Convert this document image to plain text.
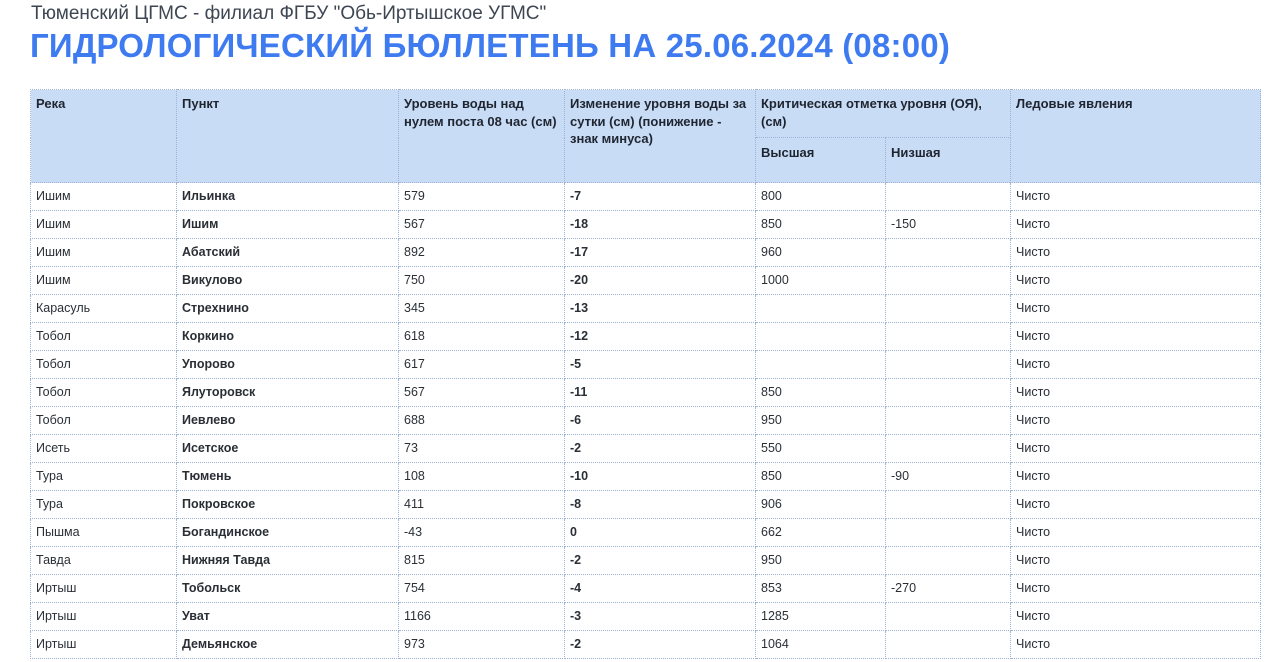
Тюменский ЦГМС - филиал ФГБУ "Обь-Иртышское УГМС"
ГИДРОЛОГИЧЕСКИЙ БЮЛЛЕТЕНЬ НА 25.06.2024 (08:00)
Река	Пункт	Уровень воды над нулем поста 08 час (см)	Изменение уровня воды за сутки (см) (понижение - знак минуса)	Критическая отметка уровня (ОЯ), (см)		Ледовые явления
				Высшая	Низшая	
Ишим	Ильинка	579	-7	800		Чисто
Ишим	Ишим	567	-18	850	-150	Чисто
Ишим	Абатский	892	-17	960		Чисто
Ишим	Викулово	750	-20	1000		Чисто
Карасуль	Стрехнино	345	-13			Чисто
Тобол	Коркино	618	-12			Чисто
Тобол	Упорово	617	-5			Чисто
Тобол	Ялуторовск	567	-11	850		Чисто
Тобол	Иевлево	688	-6	950		Чисто
Исеть	Исетское	73	-2	550		Чисто
Тура	Тюмень	108	-10	850	-90	Чисто
Тура	Покровское	411	-8	906		Чисто
Пышма	Богандинское	-43	0	662		Чисто
Тавда	Нижняя Тавда	815	-2	950		Чисто
Иртыш	Тобольск	754	-4	853	-270	Чисто
Иртыш	Уват	1166	-3	1285		Чисто
Иртыш	Демьянское	973	-2	1064		Чисто
